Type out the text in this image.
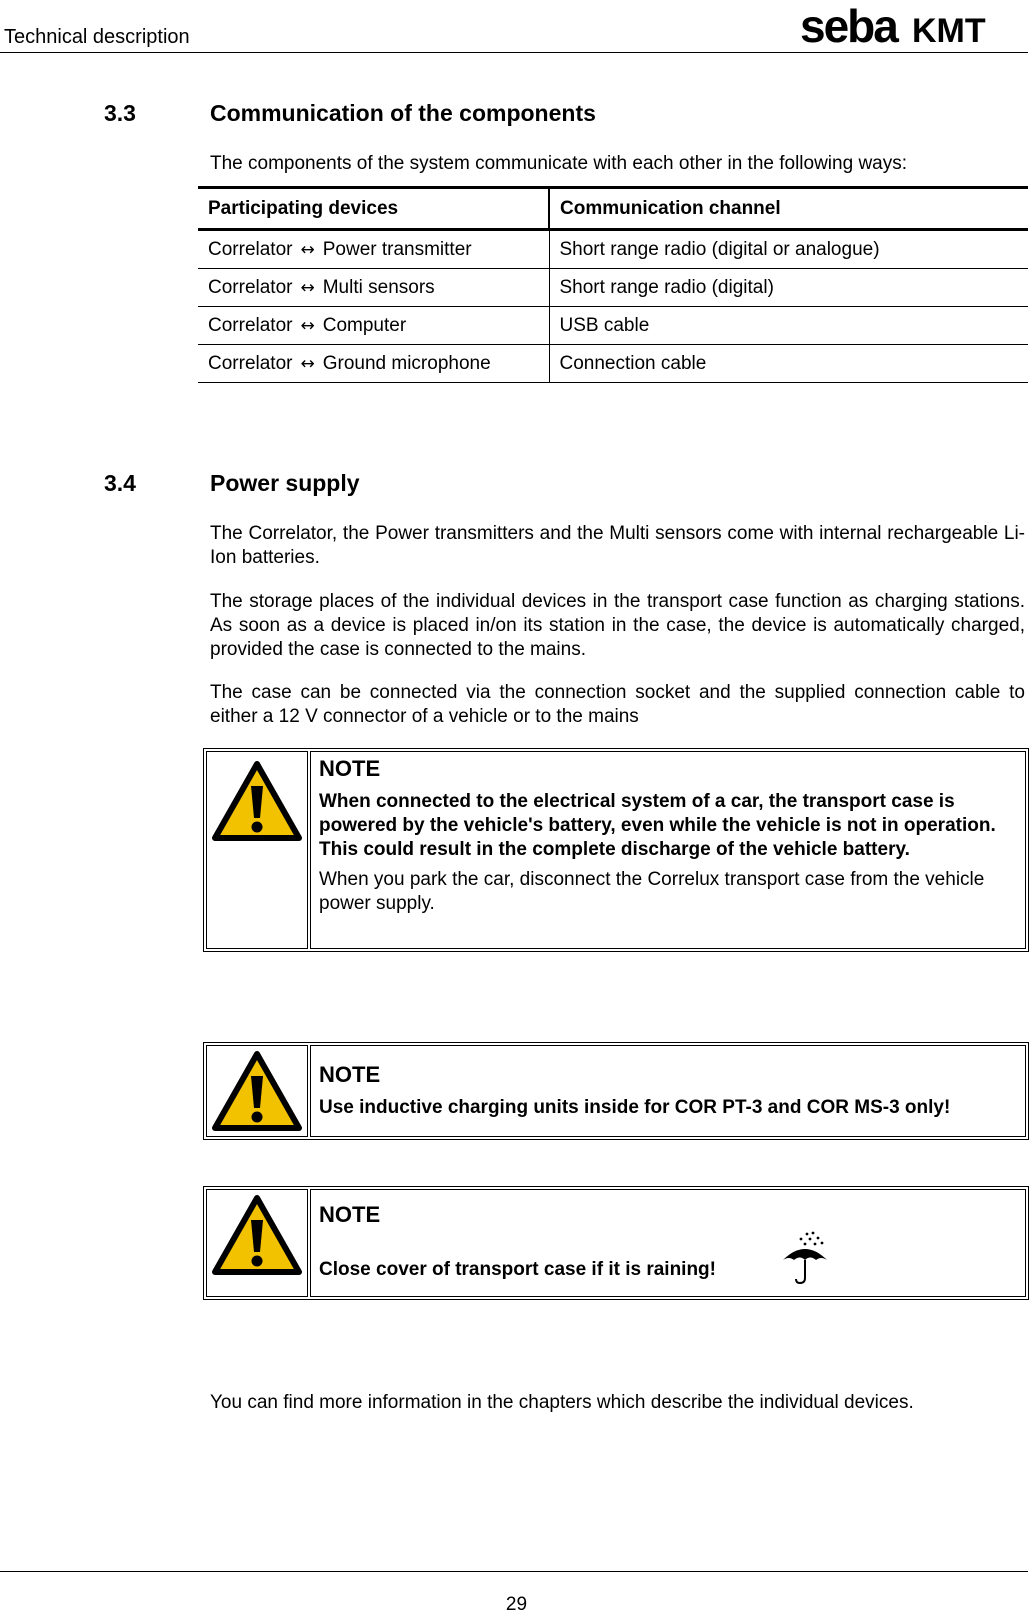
Technical description	seba KMT
3.3	Communication of the components
The components of the system communicate with each other in the following ways:
Participating devices	Communication channel
Correlator ↔ Power transmitter	Short range radio (digital or analogue)
Correlator ↔ Multi sensors	Short range radio (digital)
Correlator ↔ Computer	USB cable
Correlator ↔ Ground microphone	Connection cable
3.4	Power supply
The Correlator, the Power transmitters and the Multi sensors come with internal rechargeable Li-Ion batteries.
The storage places of the individual devices in the transport case function as charging stations. As soon as a device is placed in/on its station in the case, the device is automatically charged, provided the case is connected to the mains.
The case can be connected via the connection socket and the supplied connection cable to either a 12 V connector of a vehicle or to the mains
NOTE
When connected to the electrical system of a car, the transport case is powered by the vehicle's battery, even while the vehicle is not in operation. This could result in the complete discharge of the vehicle battery.
When you park the car, disconnect the Correlux transport case from the vehicle power supply.
NOTE
Use inductive charging units inside for COR PT-3 and COR MS-3 only!
NOTE
Close cover of transport case if it is raining!
You can find more information in the chapters which describe the individual devices.
29
